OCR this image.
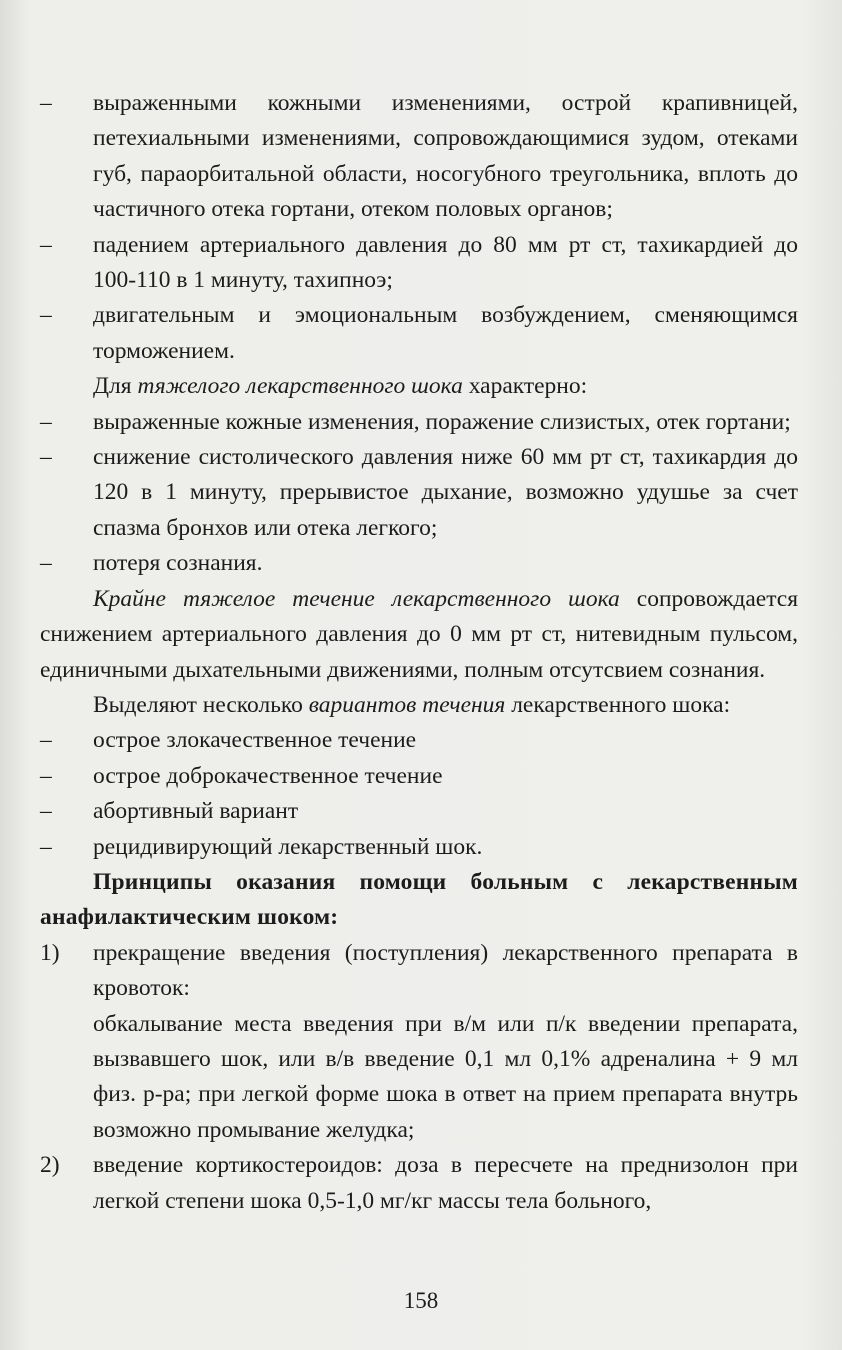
–	выраженными кожными изменениями, острой крапивницей, петехиальными изменениями, сопровождающимися зудом, отеками губ, параорбитальной области, носогубного треугольника, вплоть до частичного отека гортани, отеком половых органов;
–	падением артериального давления до 80 мм рт ст, тахикардией до 100-110 в 1 минуту, тахипноэ;
–	двигательным и эмоциональным возбуждением, сменяющимся торможением.
Для тяжелого лекарственного шока характерно:
–	выраженные кожные изменения, поражение слизистых, отек гортани;
–	снижение систолического давления ниже 60 мм рт ст, тахикардия до 120 в 1 минуту, прерывистое дыхание, возможно удушье за счет спазма бронхов или отека легкого;
–	потеря сознания.
Крайне тяжелое течение лекарственного шока сопровождается снижением артериального давления до 0 мм рт ст, нитевидным пульсом, единичными дыхательными движениями, полным отсутсвием сознания.
Выделяют несколько вариантов течения лекарственного шока:
–	острое злокачественное течение
–	острое доброкачественное течение
–	абортивный вариант
–	рецидивирующий лекарственный шок.
Принципы оказания помощи больным с лекарственным анафилактическим шоком:
1)	прекращение введения (поступления) лекарственного препарата в кровоток:
обкалывание места введения при в/м или п/к введении препарата, вызвавшего шок, или в/в введение 0,1 мл 0,1% адреналина + 9 мл физ. р-ра; при легкой форме шока в ответ на прием препарата внутрь возможно промывание желудка;
2)	введение кортикостероидов: доза в пересчете на преднизолон при легкой степени шока 0,5-1,0 мг/кг массы тела больного,
158
